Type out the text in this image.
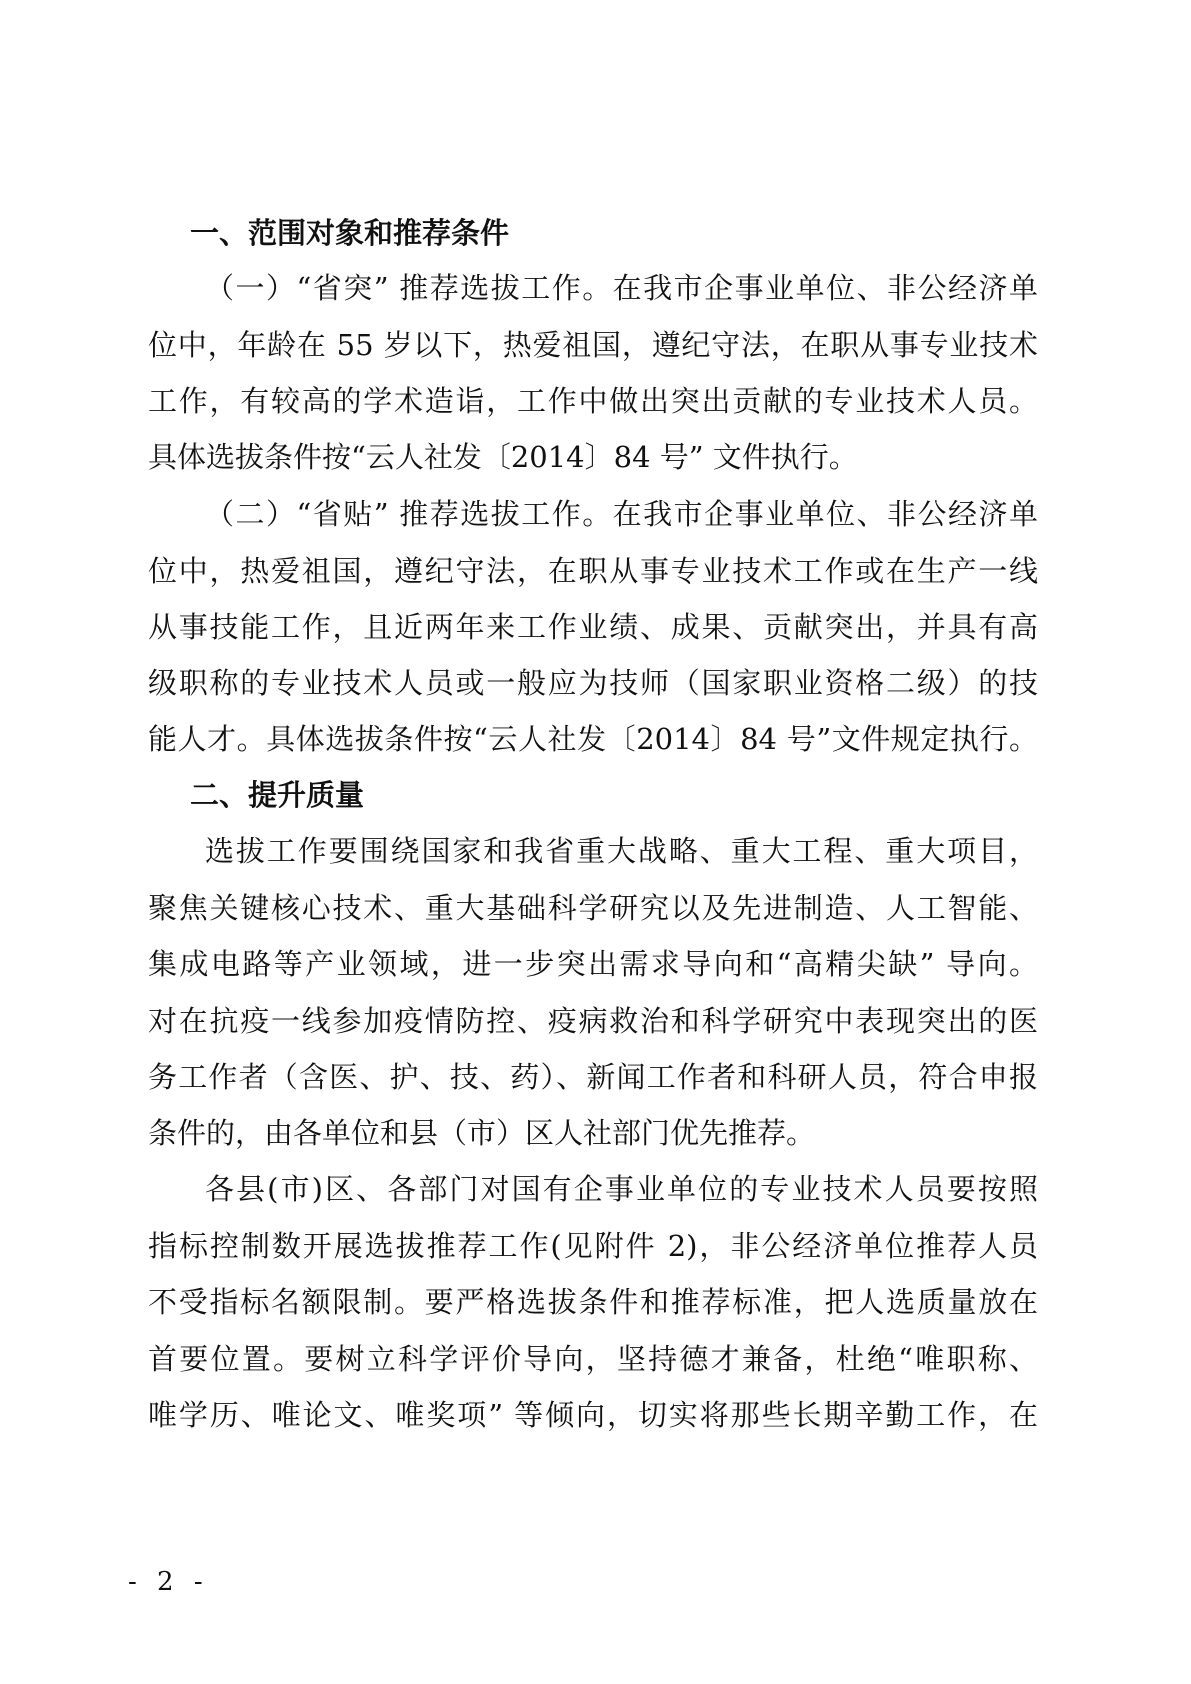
一、范围对象和推荐条件
（一）“省突” 推荐选拔工作。在我市企事业单位、非公经济单
位中，年龄在 55 岁以下，热爱祖国，遵纪守法，在职从事专业技术
工作，有较高的学术造诣，工作中做出突出贡献的专业技术人员。
具体选拔条件按“云人社发〔2014〕84 号” 文件执行。
（二）“省贴” 推荐选拔工作。在我市企事业单位、非公经济单
位中，热爱祖国，遵纪守法，在职从事专业技术工作或在生产一线
从事技能工作，且近两年来工作业绩、成果、贡献突出，并具有高
级职称的专业技术人员或一般应为技师（国家职业资格二级）的技
能人才。具体选拔条件按“云人社发〔2014〕84 号”文件规定执行。
二、提升质量
选拔工作要围绕国家和我省重大战略、重大工程、重大项目，
聚焦关键核心技术、重大基础科学研究以及先进制造、人工智能、
集成电路等产业领域，进一步突出需求导向和“高精尖缺” 导向。
对在抗疫一线参加疫情防控、疫病救治和科学研究中表现突出的医
务工作者（含医、护、技、药）、新闻工作者和科研人员，符合申报
条件的，由各单位和县（市）区人社部门优先推荐。
各县(市)区、各部门对国有企事业单位的专业技术人员要按照
指标控制数开展选拔推荐工作(见附件 2)，非公经济单位推荐人员
不受指标名额限制。要严格选拔条件和推荐标准，把人选质量放在
首要位置。要树立科学评价导向，坚持德才兼备，杜绝“唯职称、
唯学历、唯论文、唯奖项” 等倾向，切实将那些长期辛勤工作，在
- 2 -
